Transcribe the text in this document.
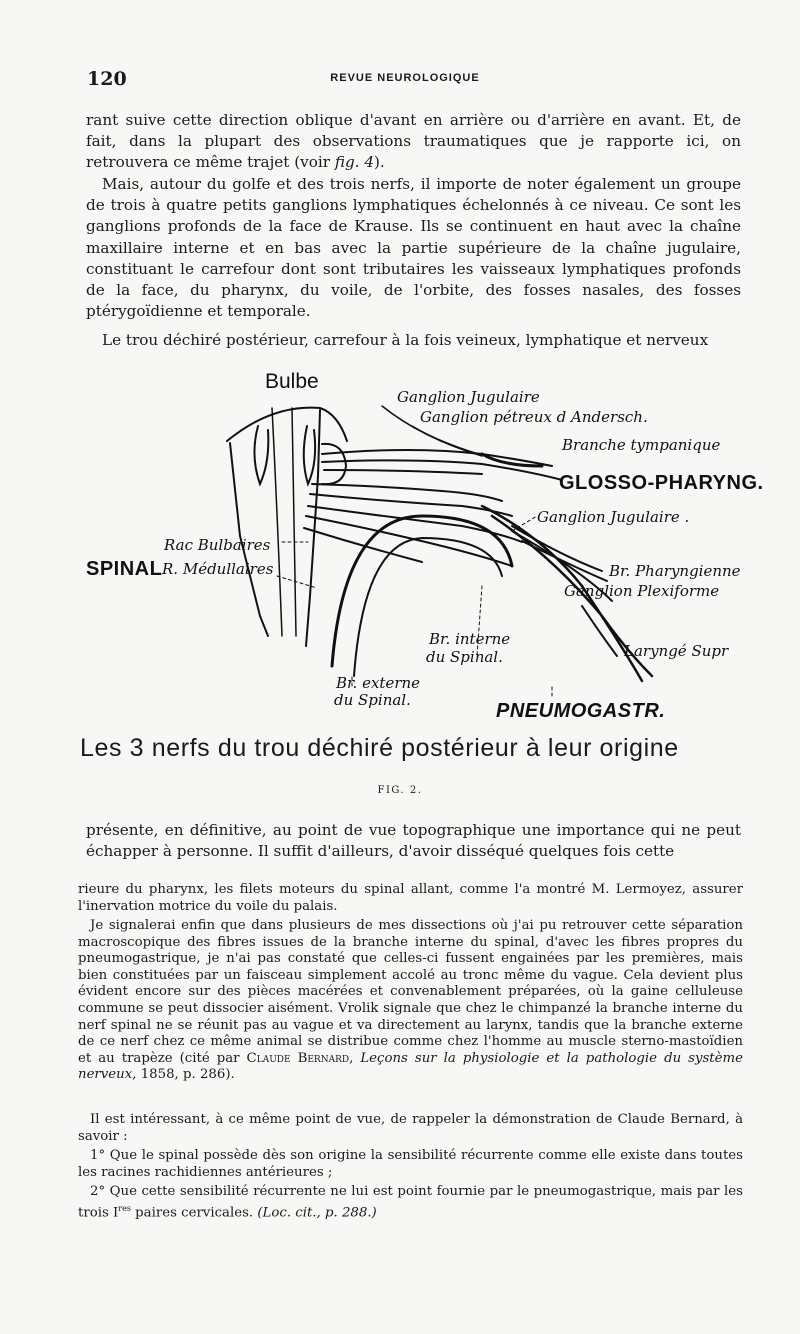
120	REVUE NEUROLOGIQUE

rant suive cette direction oblique d'avant en arrière ou d'arrière en avant. Et, de fait, dans la plupart des observations traumatiques que je rapporte ici, on retrouvera ce même trajet (voir fig. 4).

Mais, autour du golfe et des trois nerfs, il importe de noter également un groupe de trois à quatre petits ganglions lymphatiques échelonnés à ce niveau. Ce sont les ganglions profonds de la face de Krause. Ils se continuent en haut avec la chaîne maxillaire interne et en bas avec la partie supérieure de la chaîne jugulaire, constituant le carrefour dont sont tributaires les vaisseaux lymphatiques profonds de la face, du pharynx, du voile, de l'orbite, des fosses nasales, des fosses ptérygoïdienne et temporale.

Le trou déchiré postérieur, carrefour à la fois veineux, lymphatique et nerveux

Bulbe
Ganglion Jugulaire
Ganglion pétreux d Andersch.
Branche tympanique
GLOSSO-PHARYNG.
Ganglion Jugulaire .
SPINAL
Rac Bulbaires
R. Médullaires	Br. Pharyngienne
Ganglion Plexiforme
Br. interne
du Spinal.	Laryngé Supr
Br. externe
du Spinal.	PNEUMOGASTR.
Les 3 nerfs du trou déchiré postérieur à leur origine
FIG. 2.

présente, en définitive, au point de vue topographique une importance qui ne peut échapper à personne. Il suffit d'ailleurs, d'avoir disséqué quelques fois cette

rieure du pharynx, les filets moteurs du spinal allant, comme l'a montré M. Lermoyez, assurer l'inervation motrice du voile du palais.

Je signalerai enfin que dans plusieurs de mes dissections où j'ai pu retrouver cette séparation macroscopique des fibres issues de la branche interne du spinal, d'avec les fibres propres du pneumogastrique, je n'ai pas constaté que celles-ci fussent engainées par les premières, mais bien constituées par un faisceau simplement accolé au tronc même du vague. Cela devient plus évident encore sur des pièces macérées et convenablement préparées, où la gaine celluleuse commune se peut dissocier aisément. Vrolik signale que chez le chimpanzé la branche interne du nerf spinal ne se réunit pas au vague et va directement au larynx, tandis que la branche externe de ce nerf chez ce même animal se distribue comme chez l'homme au muscle sterno-mastoïdien et au trapèze (cité par Claude Bernard, Leçons sur la physiologie et la pathologie du système nerveux, 1858, p. 286).

Il est intéressant, à ce même point de vue, de rappeler la démonstration de Claude Bernard, à savoir :

1° Que le spinal possède dès son origine la sensibilité récurrente comme elle existe dans toutes les racines rachidiennes antérieures ;

2° Que cette sensibilité récurrente ne lui est point fournie par le pneumogastrique, mais par les trois Ires paires cervicales. (Loc. cit., p. 288.)
